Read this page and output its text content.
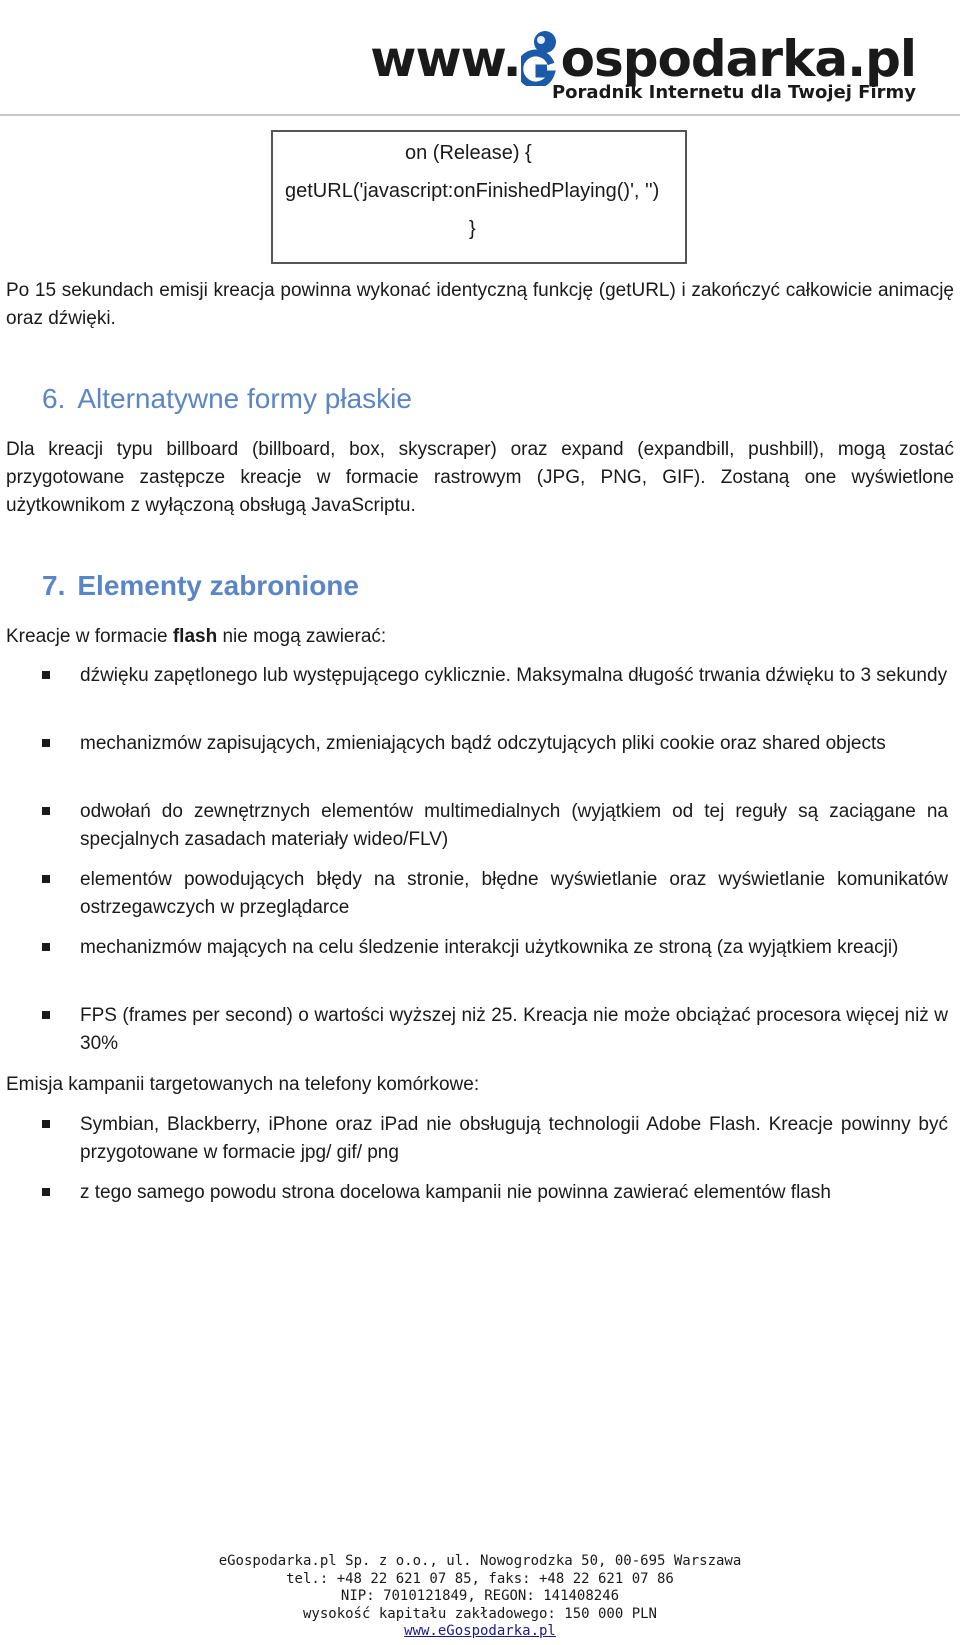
www. ospodarka.pl
Poradnik Internetu dla Twojej Firmy
on (Release) {
getURL('javascript:onFinishedPlaying()', '')
}
Po 15 sekundach emisji kreacja powinna wykonać identyczną funkcję (getURL) i zakończyć całkowicie animację oraz dźwięki.
6. Alternatywne formy płaskie
Dla kreacji typu billboard (billboard, box, skyscraper) oraz expand (expandbill, pushbill), mogą zostać przygotowane zastępcze kreacje w formacie rastrowym (JPG, PNG, GIF). Zostaną one wyświetlone użytkownikom z wyłączoną obsługą JavaScriptu.
7. Elementy zabronione
Kreacje w formacie flash nie mogą zawierać:
dźwięku zapętlonego lub występującego cyklicznie. Maksymalna długość trwania dźwięku to 3 sekundy
mechanizmów zapisujących, zmieniających bądź odczytujących pliki cookie oraz shared objects
odwołań do zewnętrznych elementów multimedialnych (wyjątkiem od tej reguły są zaciągane na specjalnych zasadach materiały wideo/FLV)
elementów powodujących błędy na stronie, błędne wyświetlanie oraz wyświetlanie komunikatów ostrzegawczych w przeglądarce
mechanizmów mających na celu śledzenie interakcji użytkownika ze stroną (za wyjątkiem kreacji)
FPS (frames per second) o wartości wyższej niż 25. Kreacja nie może obciążać procesora więcej niż w 30%
Emisja kampanii targetowanych na telefony komórkowe:
Symbian, Blackberry, iPhone oraz iPad nie obsługują technologii Adobe Flash. Kreacje powinny być przygotowane w formacie jpg/ gif/ png
z tego samego powodu strona docelowa kampanii nie powinna zawierać elementów flash
eGospodarka.pl Sp. z o.o., ul. Nowogrodzka 50, 00-695 Warszawa
tel.: +48 22 621 07 85, faks: +48 22 621 07 86
NIP: 7010121849, REGON: 141408246
wysokość kapitału zakładowego: 150 000 PLN
www.eGospodarka.pl
